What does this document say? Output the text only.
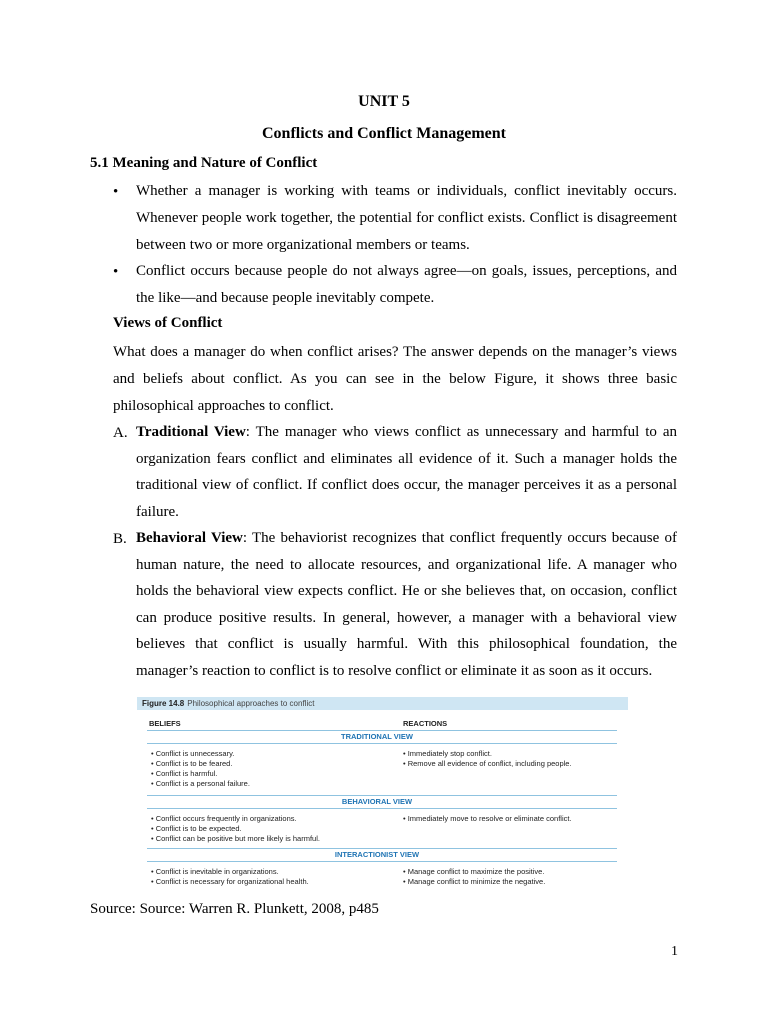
UNIT 5
Conflicts and Conflict Management
5.1 Meaning and Nature of Conflict
• Whether a manager is working with teams or individuals, conflict inevitably occurs. Whenever people work together, the potential for conflict exists. Conflict is disagreement between two or more organizational members or teams.
• Conflict occurs because people do not always agree—on goals, issues, perceptions, and the like—and because people inevitably compete.
Views of Conflict
What does a manager do when conflict arises? The answer depends on the manager’s views and beliefs about conflict. As you can see in the below Figure, it shows three basic philosophical approaches to conflict.
A. Traditional View: The manager who views conflict as unnecessary and harmful to an organization fears conflict and eliminates all evidence of it. Such a manager holds the traditional view of conflict. If conflict does occur, the manager perceives it as a personal failure.
B. Behavioral View: The behaviorist recognizes that conflict frequently occurs because of human nature, the need to allocate resources, and organizational life. A manager who holds the behavioral view expects conflict. He or she believes that, on occasion, conflict can produce positive results. In general, however, a manager with a behavioral view believes that conflict is usually harmful. With this philosophical foundation, the manager’s reaction to conflict is to resolve conflict or eliminate it as soon as it occurs.
Figure 14.8 Philosophical approaches to conflict
BELIEFS	REACTIONS
TRADITIONAL VIEW
• Conflict is unnecessary.
• Conflict is to be feared.
• Conflict is harmful.
• Conflict is a personal failure.
• Immediately stop conflict.
• Remove all evidence of conflict, including people.
BEHAVIORAL VIEW
• Conflict occurs frequently in organizations.
• Conflict is to be expected.
• Conflict can be positive but more likely is harmful.
• Immediately move to resolve or eliminate conflict.
INTERACTIONIST VIEW
• Conflict is inevitable in organizations.
• Conflict is necessary for organizational health.
• Manage conflict to maximize the positive.
• Manage conflict to minimize the negative.
Source: Source: Warren R. Plunkett, 2008, p485
1
